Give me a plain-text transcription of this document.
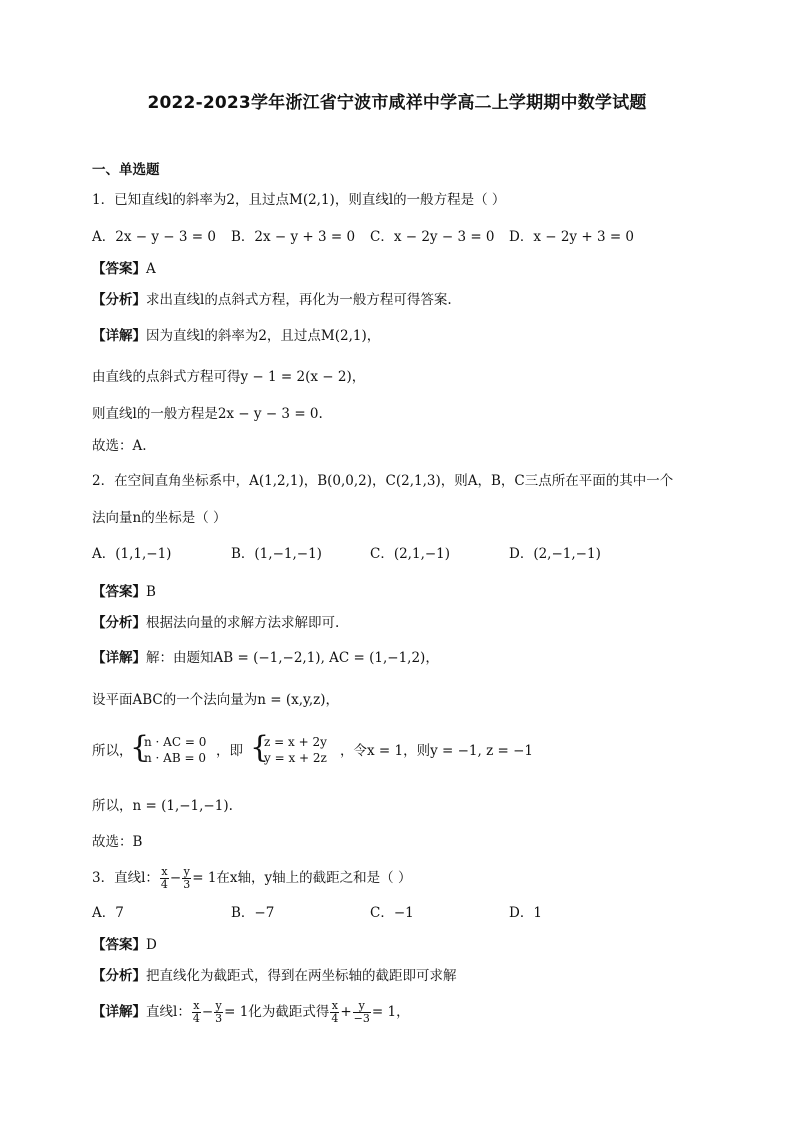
2022-2023学年浙江省宁波市咸祥中学高二上学期期中数学试题
一、单选题
1．已知直线l的斜率为2，且过点M(2,1)，则直线l的一般方程是（ ）
A．2x − y − 3 = 0 B．2x − y + 3 = 0 C．x − 2y − 3 = 0 D．x − 2y + 3 = 0
【答案】A
【分析】求出直线l的点斜式方程，再化为一般方程可得答案.
【详解】因为直线l的斜率为2，且过点M(2,1)，
由直线的点斜式方程可得y − 1 = 2(x − 2)，
则直线l的一般方程是2x − y − 3 = 0.
故选：A.
2．在空间直角坐标系中，A(1,2,1)，B(0,0,2)，C(2,1,3)，则A，B，C三点所在平面的其中一个
法向量n的坐标是（ ）
A．(1,1,−1)	B．(1,−1,−1)	C．(2,1,−1)	D．(2,−1,−1)
【答案】B
【分析】根据法向量的求解方法求解即可.
【详解】解：由题知AB = (−1,−2,1), AC = (1,−1,2)，
设平面ABC的一个法向量为n = (x,y,z)，
所以，
{
n · AC = 0
n · AB = 0 ，即 {
z = x + 2y
y = x + 2z ，令x = 1，则y = −1, z = −1
所以，n = (1,−1,−1).
故选：B
3．直线l： $\frac{x}{4} - \frac{y}{3} = 1$在x轴，y轴上的截距之和是（ ）
A．7	B．−7	C．−1	D．1
【答案】D
【分析】把直线化为截距式，得到在两坐标轴的截距即可求解
【详解】直线l： $\frac{x}{4} - \frac{y}{3} = 1$化为截距式得 $\frac{x}{4} + \frac{y}{-3} = 1$，
